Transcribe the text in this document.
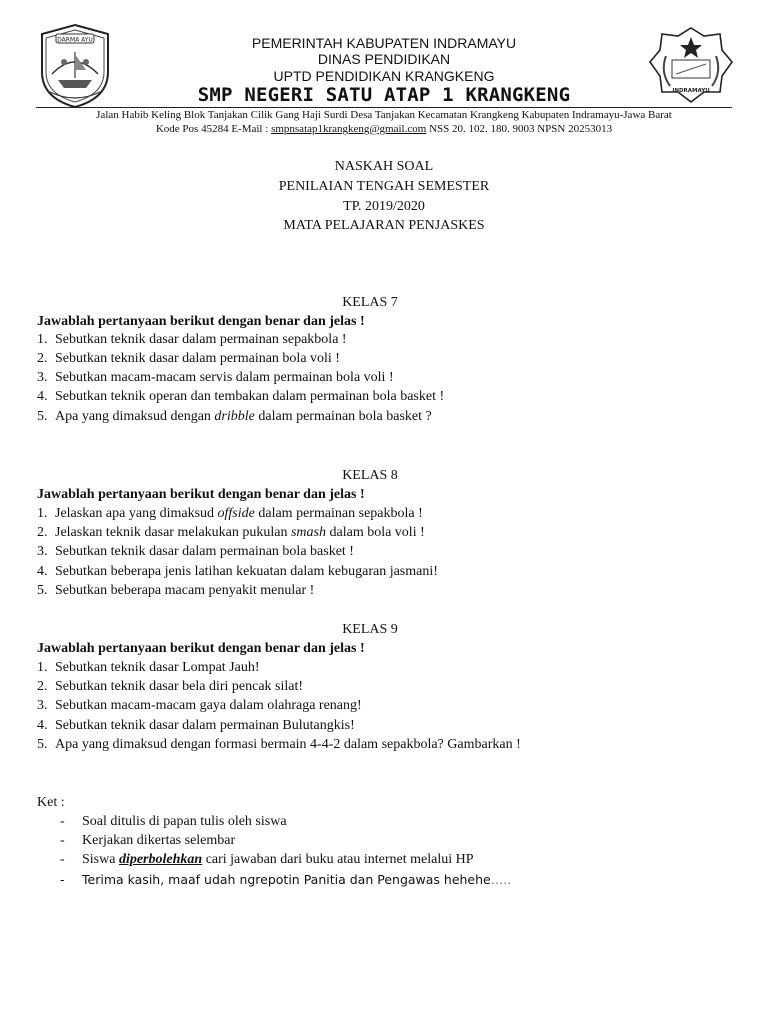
DARMA AYU	PEMERINTAH KABUPATEN INDRAMAYU
DINAS PENDIDIKAN
UPTD PENDIDIKAN KRANGKENG
SMP NEGERI SATU ATAP 1 KRANGKENG	INDRAMAYU
Jalan Habib Keling Blok Tanjakan Cilik Gang Haji Surdi Desa Tanjakan Kecamatan Krangkeng Kabupaten Indramayu-Jawa Barat
Kode Pos 45284 E-Mail : smpnsatap1krangkeng@gmail.com NSS 20. 102. 180. 9003 NPSN 20253013
NASKAH SOAL
PENILAIAN TENGAH SEMESTER
TP. 2019/2020
MATA PELAJARAN PENJASKES
KELAS 7
Jawablah pertanyaan berikut dengan benar dan jelas !
1. Sebutkan teknik dasar dalam permainan sepakbola !
2. Sebutkan teknik dasar dalam permainan bola voli !
3. Sebutkan macam-macam servis dalam permainan bola voli !
4. Sebutkan teknik operan dan tembakan dalam permainan bola basket !
5. Apa yang dimaksud dengan dribble dalam permainan bola basket ?
KELAS 8
Jawablah pertanyaan berikut dengan benar dan jelas !
1. Jelaskan apa yang dimaksud offside dalam permainan sepakbola !
2. Jelaskan teknik dasar melakukan pukulan smash dalam bola voli !
3. Sebutkan teknik dasar dalam permainan bola basket !
4. Sebutkan beberapa jenis latihan kekuatan dalam kebugaran jasmani!
5. Sebutkan beberapa macam penyakit menular !
KELAS 9
Jawablah pertanyaan berikut dengan benar dan jelas !
1. Sebutkan teknik dasar Lompat Jauh!
2. Sebutkan teknik dasar bela diri pencak silat!
3. Sebutkan macam-macam gaya dalam olahraga renang!
4. Sebutkan teknik dasar dalam permainan Bulutangkis!
5. Apa yang dimaksud dengan formasi bermain 4-4-2 dalam sepakbola? Gambarkan !
Ket :
- Soal ditulis di papan tulis oleh siswa
- Kerjakan dikertas selembar
- Siswa diperbolehkan cari jawaban dari buku atau internet melalui HP
- Terima kasih, maaf udah ngrepotin Panitia dan Pengawas hehehe…..
